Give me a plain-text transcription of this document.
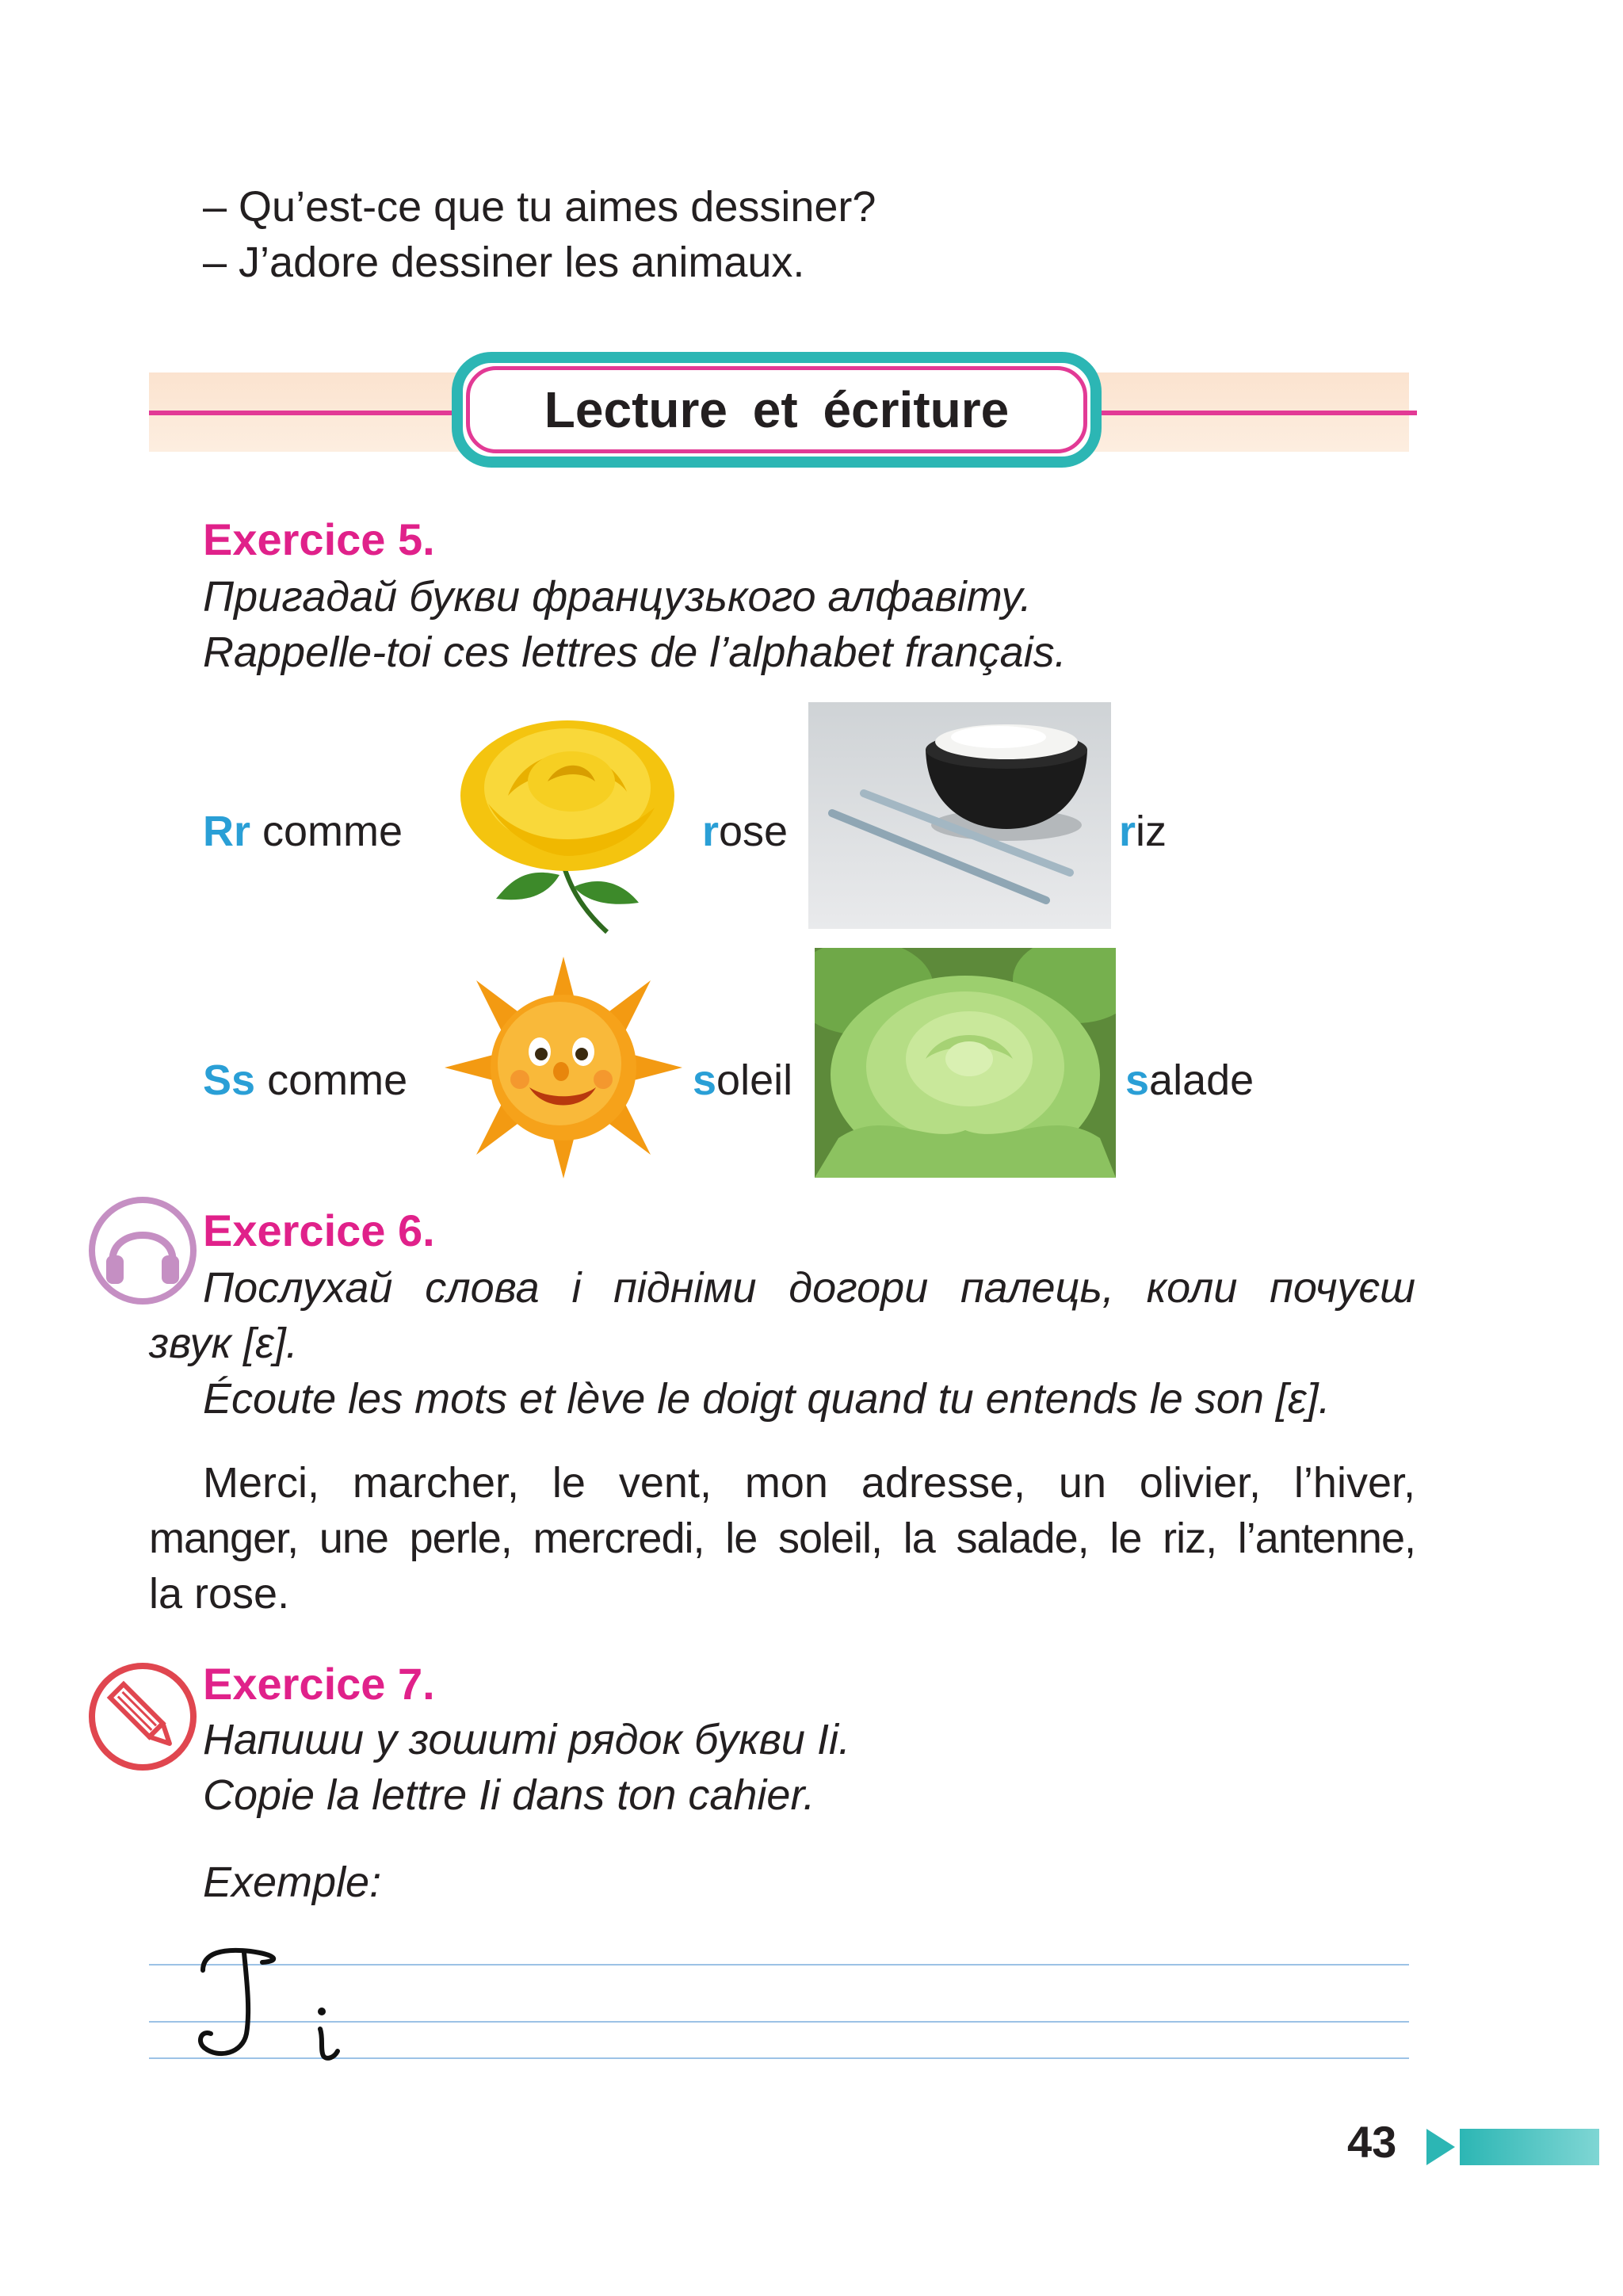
– Qu’est-ce que tu aimes dessiner?
– J’adore dessiner les animaux.
Lecture et écriture
Exercice 5.
Пригадай букви французького алфавіту.
Rappelle-toi ces lettres de l’alphabet français.
Rr comme	rose	riz
Ss comme	soleil	salade
Exercice 6.
Послухай слова і підніми догори палець, коли почуєш
звук [ε].
Écoute les mots et lève le doigt quand tu entends le son [ε].
Merci, marcher, le vent, mon adresse, un olivier, l’hiver,
manger, une perle, mercredi, le soleil, la salade, le riz, l’antenne,
la rose.
Exercice 7.
Напиши у зошиті рядок букви Ii.
Copie la lettre Ii dans ton cahier.
Exemple:
43
